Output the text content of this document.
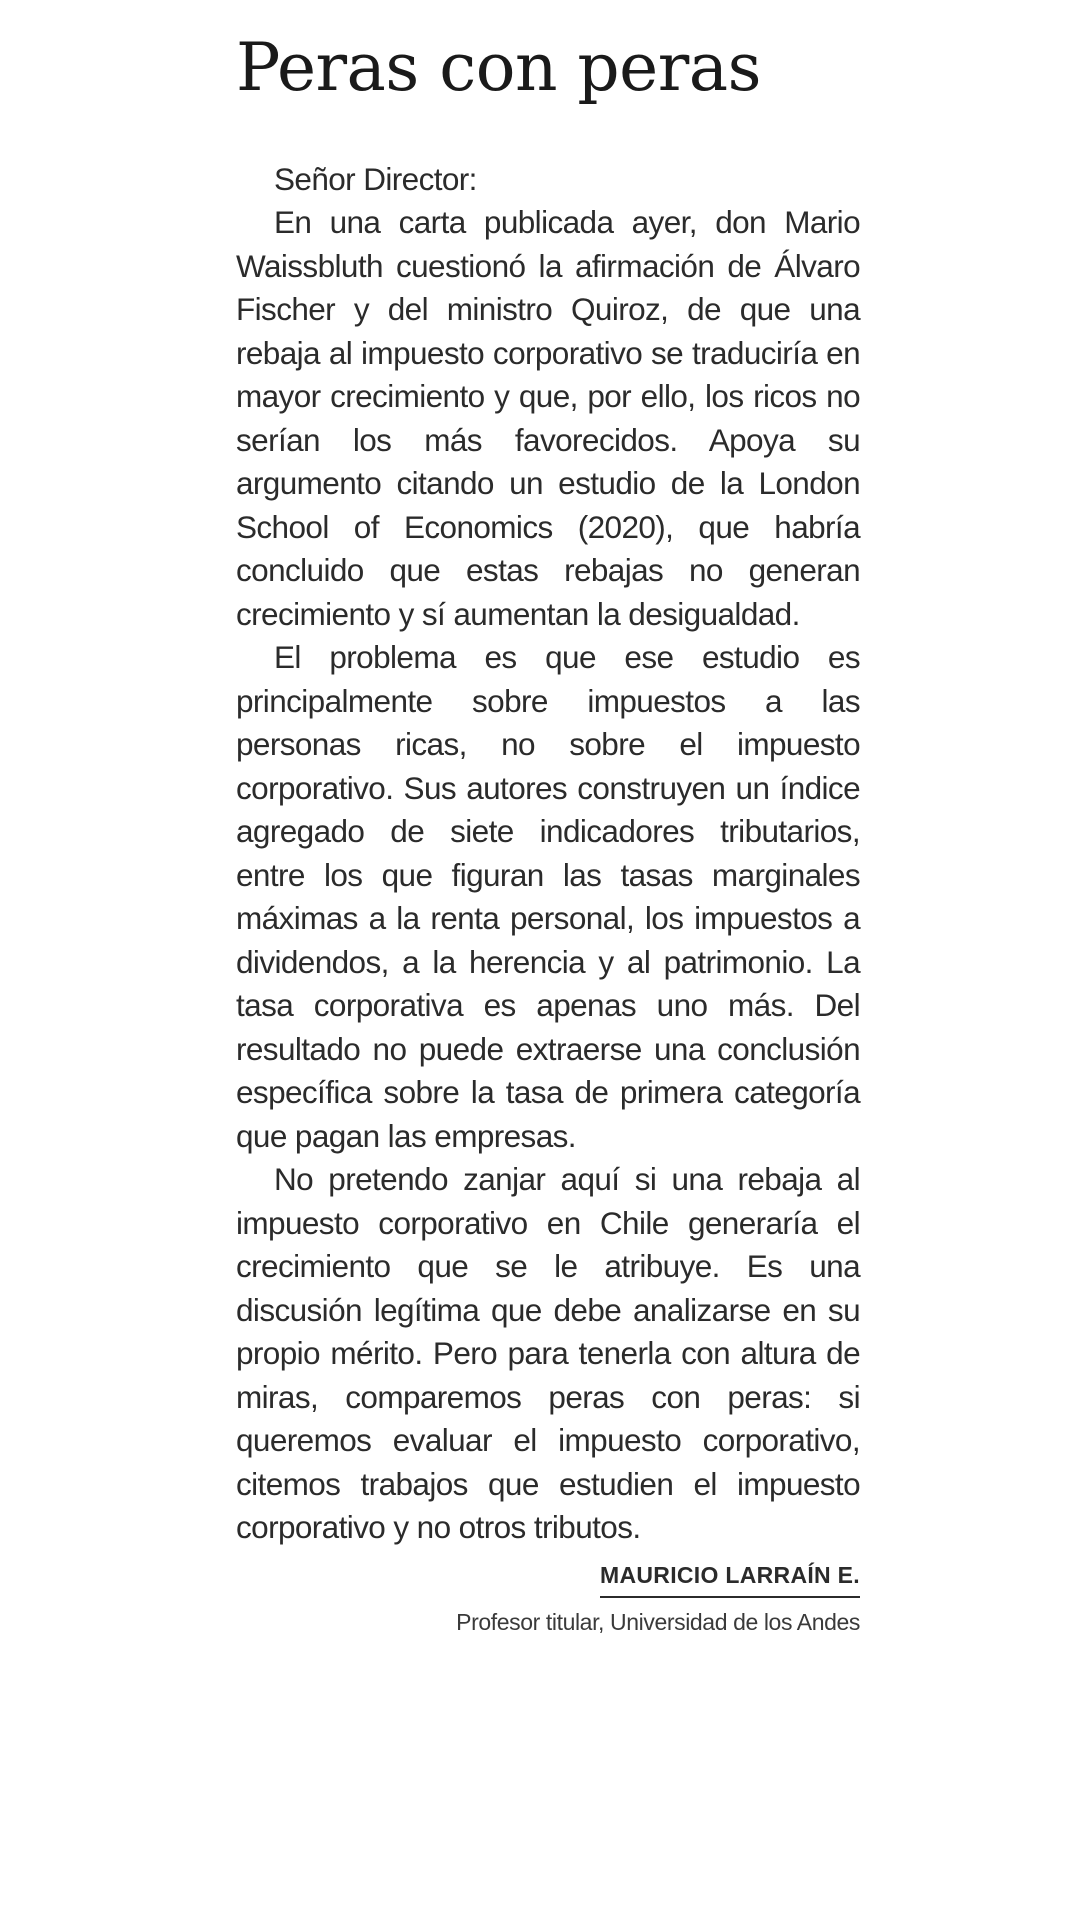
Peras con peras

Señor Director:

En una carta publicada ayer, don Mario Waissbluth cuestionó la afirmación de Álvaro Fischer y del ministro Quiroz, de que una rebaja al impuesto corporativo se traduciría en mayor crecimiento y que, por ello, los ricos no serían los más favorecidos. Apoya su argumento citando un estudio de la London School of Economics (2020), que habría concluido que estas rebajas no generan crecimiento y sí aumentan la desigualdad.

El problema es que ese estudio es principalmente sobre impuestos a las personas ricas, no sobre el impuesto corporativo. Sus autores construyen un índice agregado de siete indicadores tributarios, entre los que figuran las tasas marginales máximas a la renta personal, los impuestos a dividendos, a la herencia y al patrimonio. La tasa corporativa es apenas uno más. Del resultado no puede extraerse una conclusión específica sobre la tasa de primera categoría que pagan las empresas.

No pretendo zanjar aquí si una rebaja al impuesto corporativo en Chile generaría el crecimiento que se le atribuye. Es una discusión legítima que debe analizarse en su propio mérito. Pero para tenerla con altura de miras, comparemos peras con peras: si queremos evaluar el impuesto corporativo, citemos trabajos que estudien el impuesto corporativo y no otros tributos.

MAURICIO LARRAÍN E.
Profesor titular, Universidad de los Andes
